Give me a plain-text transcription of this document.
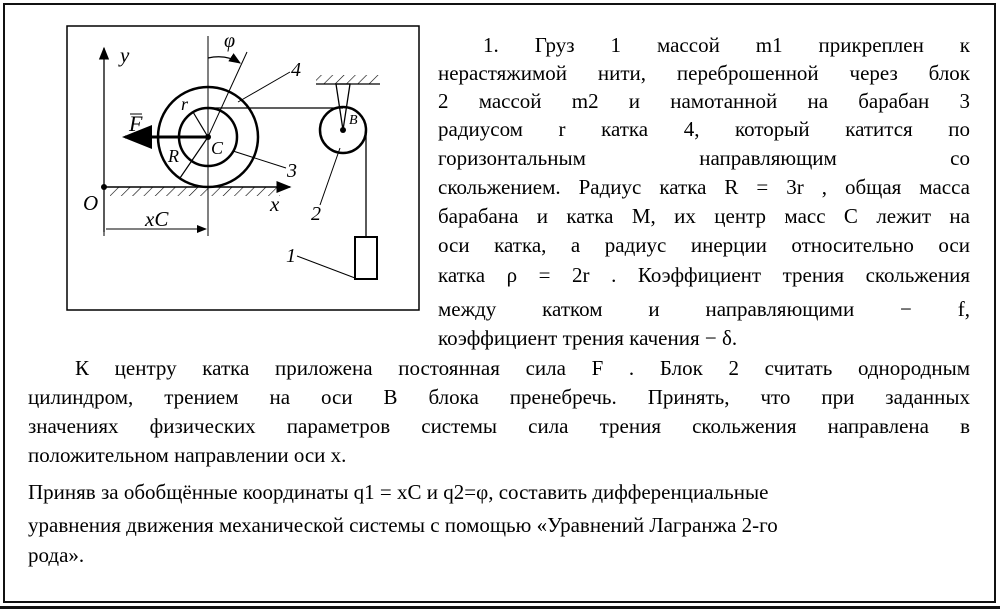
y
φ
4
r
F	B
C
R
3
O	x 2
xC
1
1. Груз 1 массой m1 прикреплен к
нерастяжимой нити, переброшенной через блок
2 массой m2 и намотанной на барабан 3
радиусом r катка 4, который катится по
горизонтальным направляющим со
скольжением. Радиус катка R = 3r , общая масса
барабана и катка M, их центр масс C лежит на
оси катка, а радиус инерции относительно оси
катка ρ = 2r . Коэффициент трения скольжения
между катком и направляющими − f,
коэффициент трения качения − δ.
К центру катка приложена постоянная сила F . Блок 2 считать однородным
цилиндром, трением на оси B блока пренебречь. Принять, что при заданных
значениях физических параметров системы сила трения скольжения направлена в
положительном направлении оси x.
Приняв за обобщённые координаты q1 = xC и q2=φ, составить дифференциальные
уравнения движения механической системы с помощью «Уравнений Лагранжа 2-го
рода».
